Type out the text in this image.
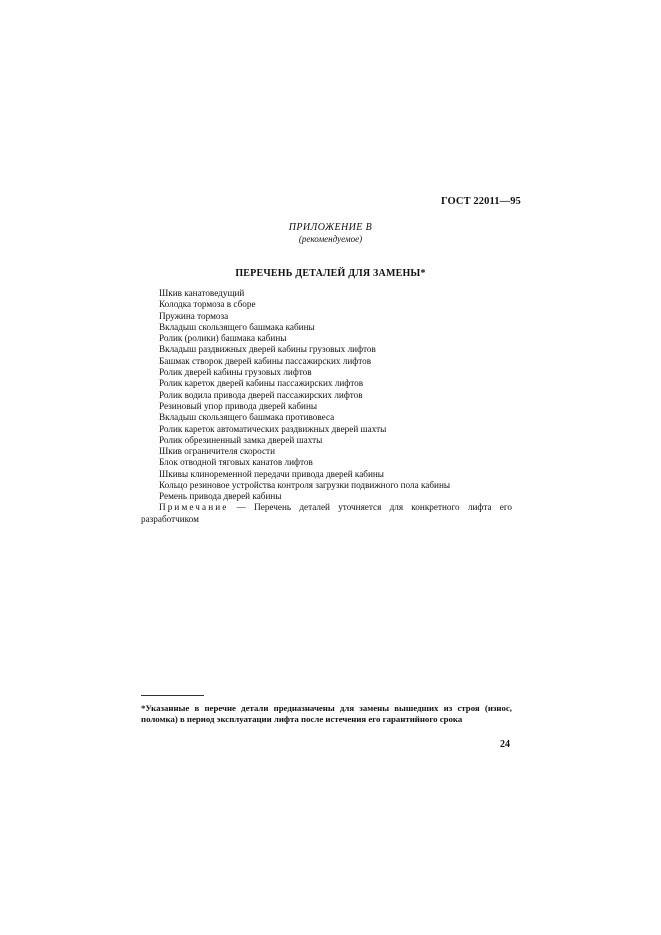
ГОСТ 22011—95
ПРИЛОЖЕНИЕ В
(рекомендуемое)
ПЕРЕЧЕНЬ ДЕТАЛЕЙ ДЛЯ ЗАМЕНЫ*
Шкив канатоведущий
Колодка тормоза в сборе
Пружина тормоза
Вкладыш скользящего башмака кабины
Ролик (ролики) башмака кабины
Вкладыш раздвижных дверей кабины грузовых лифтов
Башмак створок дверей кабины пассажирских лифтов
Ролик дверей кабины грузовых лифтов
Ролик кареток дверей кабины пассажирских лифтов
Ролик водила привода дверей пассажирских лифтов
Резиновый упор привода дверей кабины
Вкладыш скользящего башмака противовеса
Ролик кареток автоматических раздвижных дверей шахты
Ролик обрезиненный замка дверей шахты
Шкив ограничителя скорости
Блок отводной тяговых канатов лифтов
Шкивы клиноременной передачи привода дверей кабины
Кольцо резиновое устройства контроля загрузки подвижного пола кабины
Ремень привода дверей кабины
Примечание — Перечень деталей уточняется для конкретного лифта его разработчиком
*Указанные в перечне детали предназначены для замены вышедших из строя (износ, поломка) в период эксплуатации лифта после истечения его гарантийного срока
24
